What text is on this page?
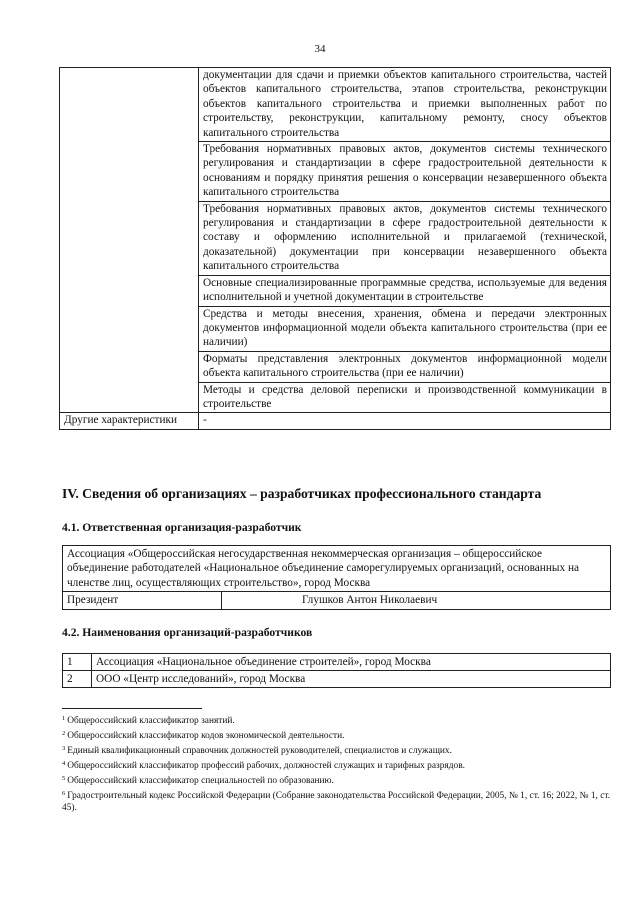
34
	документации для сдачи и приемки объектов капитального строительства, частей объектов капитального строительства, этапов строительства, реконструкции объектов капитального строительства и приемки выполненных работ по строительству, реконструкции, капитальному ремонту, сносу объектов капитального строительства
	Требования нормативных правовых актов, документов системы технического регулирования и стандартизации в сфере градостроительной деятельности к основаниям и порядку принятия решения о консервации незавершенного объекта капитального строительства
	Требования нормативных правовых актов, документов системы технического регулирования и стандартизации в сфере градостроительной деятельности к составу и оформлению исполнительной и прилагаемой (технической, доказательной) документации при консервации незавершенного объекта капитального строительства
	Основные специализированные программные средства, используемые для ведения исполнительной и учетной документации в строительстве
	Средства и методы внесения, хранения, обмена и передачи электронных документов информационной модели объекта капитального строительства (при ее наличии)
	Форматы представления электронных документов информационной модели объекта капитального строительства (при ее наличии)
	Методы и средства деловой переписки и производственной коммуникации в строительстве
Другие характеристики	-
IV. Сведения об организациях – разработчиках профессионального стандарта
4.1. Ответственная организация-разработчик
Ассоциация «Общероссийская негосударственная некоммерческая организация – общероссийское объединение работодателей «Национальное объединение саморегулируемых организаций, основанных на членстве лиц, осуществляющих строительство», город Москва
Президент	Глушков Антон Николаевич
4.2. Наименования организаций-разработчиков
1	Ассоциация «Национальное объединение строителей», город Москва
2	ООО «Центр исследований», город Москва
$^1$ Общероссийский классификатор занятий.
$^2$ Общероссийский классификатор кодов экономической деятельности.
$^3$ Единый квалификационный справочник должностей руководителей, специалистов и служащих.
$^4$ Общероссийский классификатор профессий рабочих, должностей служащих и тарифных разрядов.
$^5$ Общероссийский классификатор специальностей по образованию.
$^6$ Градостроительный кодекс Российской Федерации (Собрание законодательства Российской Федерации, 2005, № 1, ст. 16; 2022, № 1, ст. 45).
